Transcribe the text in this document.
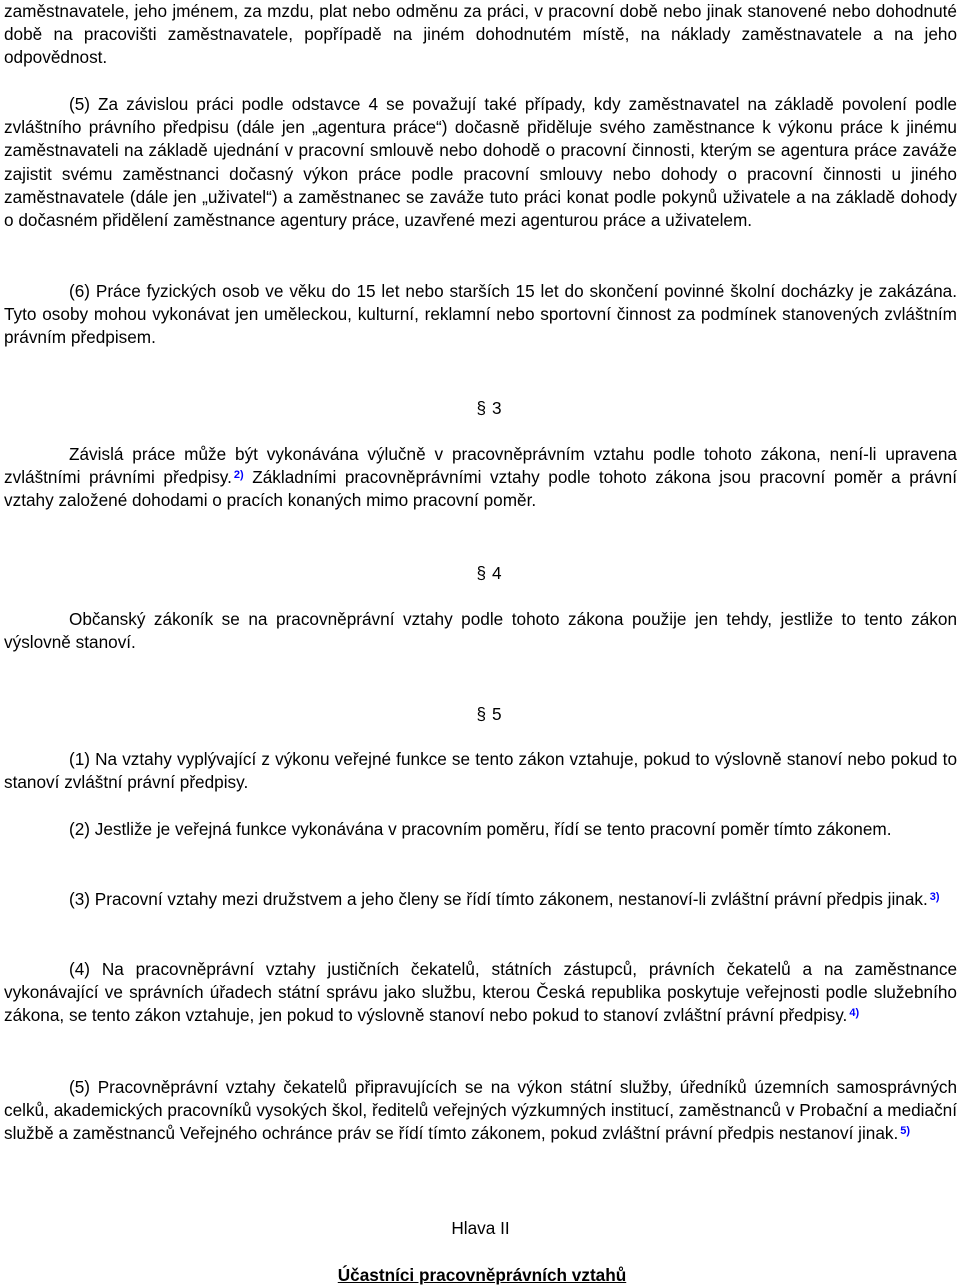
zaměstnavatele, jeho jménem, za mzdu, plat nebo odměnu za práci, v pracovní době nebo jinak stanovené nebo dohodnuté době na pracovišti zaměstnavatele, popřípadě na jiném dohodnutém místě, na náklady zaměstnavatele a na jeho odpovědnost.

(5) Za závislou práci podle odstavce 4 se považují také případy, kdy zaměstnavatel na základě povolení podle zvláštního právního předpisu (dále jen „agentura práce“) dočasně přiděluje svého zaměstnance k výkonu práce k jinému zaměstnavateli na základě ujednání v pracovní smlouvě nebo dohodě o pracovní činnosti, kterým se agentura práce zaváže zajistit svému zaměstnanci dočasný výkon práce podle pracovní smlouvy nebo dohody o pracovní činnosti u jiného zaměstnavatele (dále jen „uživatel“) a zaměstnanec se zaváže tuto práci konat podle pokynů uživatele a na základě dohody o dočasném přidělení zaměstnance agentury práce, uzavřené mezi agenturou práce a uživatelem.

(6) Práce fyzických osob ve věku do 15 let nebo starších 15 let do skončení povinné školní docházky je zakázána. Tyto osoby mohou vykonávat jen uměleckou, kulturní, reklamní nebo sportovní činnost za podmínek stanovených zvláštním právním předpisem.

§ 3

Závislá práce může být vykonávána výlučně v pracovněprávním vztahu podle tohoto zákona, není-li upravena zvláštními právními předpisy. $^{2)}$ Základními pracovněprávními vztahy podle tohoto zákona jsou pracovní poměr a právní vztahy založené dohodami o pracích konaných mimo pracovní poměr.

§ 4

Občanský zákoník se na pracovněprávní vztahy podle tohoto zákona použije jen tehdy, jestliže to tento zákon výslovně stanoví.

§ 5

(1) Na vztahy vyplývající z výkonu veřejné funkce se tento zákon vztahuje, pokud to výslovně stanoví nebo pokud to stanoví zvláštní právní předpisy.

(2) Jestliže je veřejná funkce vykonávána v pracovním poměru, řídí se tento pracovní poměr tímto zákonem.

(3) Pracovní vztahy mezi družstvem a jeho členy se řídí tímto zákonem, nestanoví-li zvláštní právní předpis jinak. $^{3)}$

(4) Na pracovněprávní vztahy justičních čekatelů, státních zástupců, právních čekatelů a na zaměstnance vykonávající ve správních úřadech státní správu jako službu, kterou Česká republika poskytuje veřejnosti podle služebního zákona, se tento zákon vztahuje, jen pokud to výslovně stanoví nebo pokud to stanoví zvláštní právní předpisy. $^{4)}$

(5) Pracovněprávní vztahy čekatelů připravujících se na výkon státní služby, úředníků územních samosprávných celků, akademických pracovníků vysokých škol, ředitelů veřejných výzkumných institucí, zaměstnanců v Probační a mediační službě a zaměstnanců Veřejného ochránce práv se řídí tímto zákonem, pokud zvláštní právní předpis nestanoví jinak. $^{5)}$

Hlava II

Účastníci pracovněprávních vztahů
